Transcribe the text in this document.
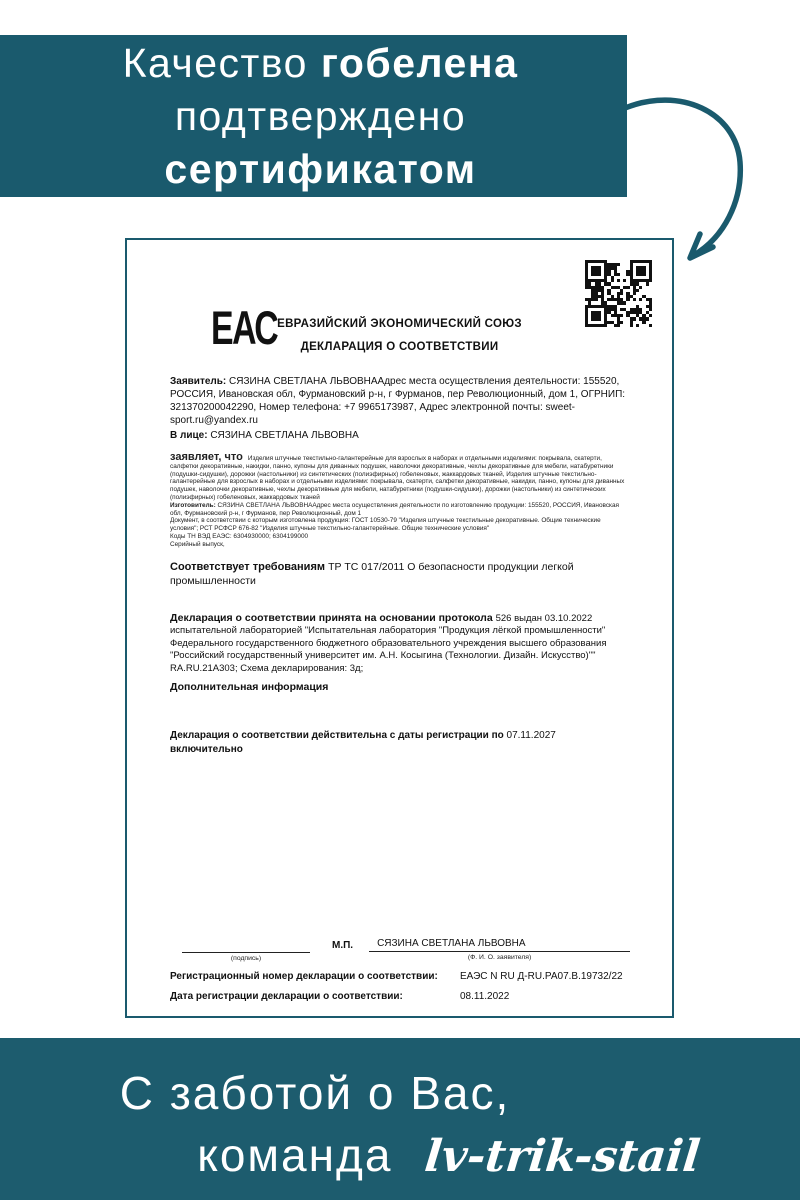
Качество гобелена
подтверждено
сертификатом
ЕАС ЕВРАЗИЙСКИЙ ЭКОНОМИЧЕСКИЙ СОЮЗ
ДЕКЛАРАЦИЯ О СООТВЕТСТВИИ

Заявитель: СЯЗИНА СВЕТЛАНА ЛЬВОВНААдрес места осуществления деятельности: 155520, РОССИЯ, Ивановская обл, Фурмановский р-н, г Фурманов, пер Революционный, дом 1, ОГРНИП: 321370200042290, Номер телефона: +7 9965173987, Адрес электронной почты: sweet-sport.ru@yandex.ru

В лице: СЯЗИНА СВЕТЛАНА ЛЬВОВНА

заявляет, что Изделия штучные текстильно-галантерейные для взрослых в наборах и отдельными изделиями: покрывала, скатерти, салфетки декоративные, накидки, панно, купоны для диванных подушек, наволочки декоративные, чехлы декоративные для мебели, натабуретники (подушки-сидушки), дорожки (настольники) из синтетических (полиэфирных) гобеленовых, жаккардовых тканей, Изделия штучные текстильно-галантерейные для взрослых в наборах и отдельными изделиями: покрывала, скатерти, салфетки декоративные, накидки, панно, купоны для диванных подушек, наволочки декоративные, чехлы декоративные для мебели, натабуретники (подушки-сидушки), дорожки (настольники) из синтетических (полиэфирных) гобеленовых, жаккардовых тканей

Изготовитель: СЯЗИНА СВЕТЛАНА ЛЬВОВНААдрес места осуществления деятельности по изготовлению продукции: 155520, РОССИЯ, Ивановская обл, Фурмановский р-н, г Фурманов, пер Революционный, дом 1

Документ, в соответствии с которым изготовлена продукция: ГОСТ 10530-79 "Изделия штучные текстильные декоративные. Общие технические условия"; РСТ РСФСР 676-82 "Изделия штучные текстильно-галантерейные. Общие технические условия"

Коды ТН ВЭД ЕАЭС: 6304930000; 6304199000

Серийный выпуск,

Соответствует требованиям ТР ТС 017/2011 О безопасности продукции легкой промышленности

Декларация о соответствии принята на основании протокола 526 выдан 03.10.2022 испытательной лабораторией "Испытательная лаборатория "Продукция лёгкой промышленности" Федерального государственного бюджетного образовательного учреждения высшего образования "Российский государственный университет им. А.Н. Косыгина (Технологии. Дизайн. Искусство)"" RA.RU.21А303; Схема декларирования: 3д;

Дополнительная информация

Декларация о соответствии действительна с даты регистрации по 07.11.2027
включительно

(подпись)
М.П.	СЯЗИНА СВЕТЛАНА ЛЬВОВНА
(Ф. И. О. заявителя)
Регистрационный номер декларации о соответствии:	ЕАЭС N RU Д-RU.РА07.В.19732/22
Дата регистрации декларации о соответствии:	08.11.2022
С заботой о Вас,
команда lv-trik-stail
